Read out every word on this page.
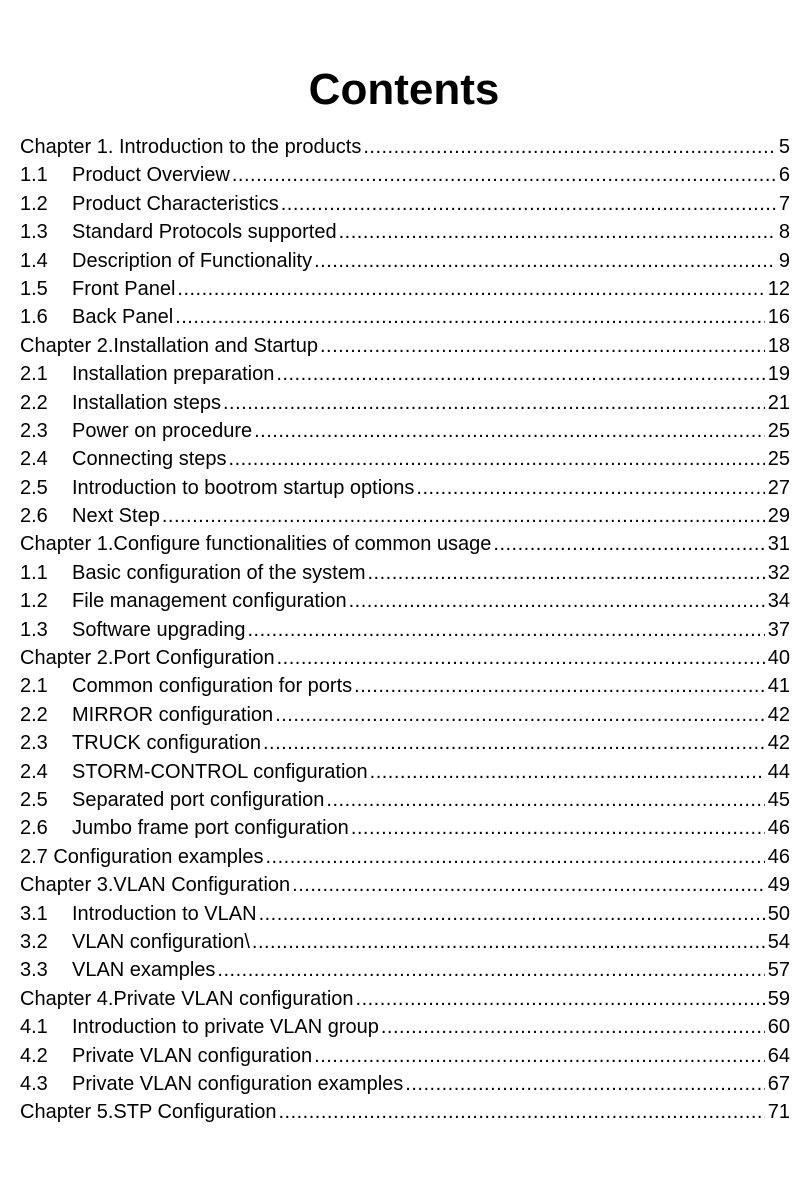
Contents
Chapter 1. Introduction to the products .....	5
1.1	Product Overview .....	6
1.2	Product Characteristics .....	7
1.3	Standard Protocols supported .....	8
1.4	Description of Functionality .....	9
1.5	Front Panel .....	12
1.6	Back Panel .....	16
Chapter 2.Installation and Startup .....	18
2.1	Installation preparation .....	19
2.2	Installation steps .....	21
2.3	Power on procedure .....	25
2.4	Connecting steps .....	25
2.5	Introduction to bootrom startup options .....	27
2.6	Next Step .....	29
Chapter 1.Configure functionalities of common usage .....	31
1.1	Basic configuration of the system .....	32
1.2	File management configuration .....	34
1.3	Software upgrading .....	37
Chapter 2.Port Configuration .....	40
2.1	Common configuration for ports .....	41
2.2	MIRROR configuration .....	42
2.3	TRUCK configuration .....	42
2.4	STORM-CONTROL configuration .....	44
2.5	Separated port configuration .....	45
2.6	Jumbo frame port configuration .....	46
2.7 Configuration examples .....	46
Chapter 3.VLAN Configuration .....	49
3.1	Introduction to VLAN .....	50
3.2	VLAN configuration\ .....	54
3.3	VLAN examples .....	57
Chapter 4.Private VLAN configuration .....	59
4.1	Introduction to private VLAN group .....	60
4.2	Private VLAN configuration .....	64
4.3	Private VLAN configuration examples .....	67
Chapter 5.STP Configuration .....	71
